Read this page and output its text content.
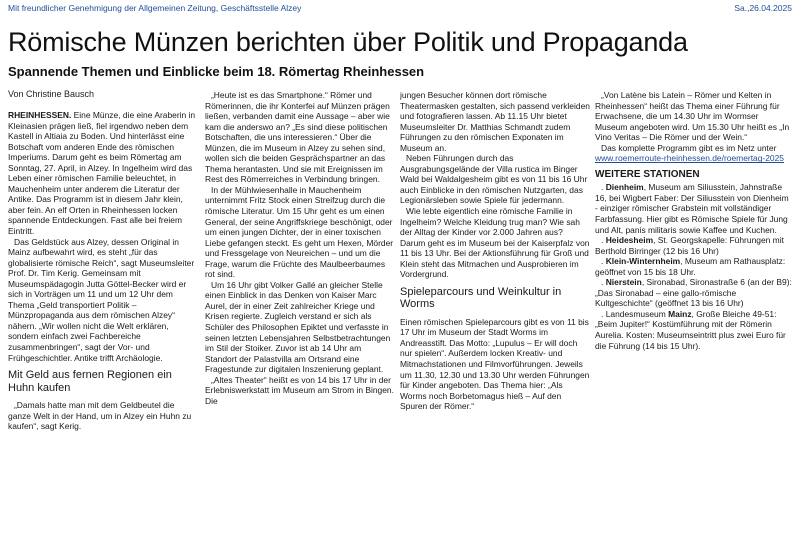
Mit freundlicher Genehmigung der Allgemeinen Zeitung, Geschäftsstelle Alzey	Sa.,26.04.2025
Römische Münzen berichten über Politik und Propaganda
Spannende Themen und Einblicke beim 18. Römertag Rheinhessen
Von Christine Bausch

RHEINHESSEN. Eine Münze, die eine Araberin in Kleinasien prägen ließ, fiel irgendwo neben dem Kastell in Altiaia zu Boden. Und hinterlässt eine Botschaft vom anderen Ende des römischen Imperiums. Darum geht es beim Römertag am Sonntag, 27. April, in Alzey. In Ingelheim wird das Leben einer römischen Familie beleuchtet, in Mauchenheim unter anderem die Literatur der Antike. Das Programm ist in diesem Jahr klein, aber fein. An elf Orten in Rheinhessen locken spannende Entdeckungen. Fast alle bei freiem Eintritt.

Das Geldstück aus Alzey, dessen Original in Mainz aufbewahrt wird, es steht „für das globalisierte römische Reich“, sagt Museumsleiter Prof. Dr. Tim Kerig. Gemeinsam mit Museumspädagogin Jutta Göttel-Becker wird er sich in Vorträgen um 11 und um 12 Uhr dem Thema „Geld transportiert Politik –Münzpropaganda aus dem römischen Alzey“ nähern. „Wir wollen nicht die Welt erklären, sondern einfach zwei Fachbereiche zusammenbringen“, sagt der Vor- und Frühgeschichtler. Antike trifft Archäologie.

Mit Geld aus fernen Regionen ein Huhn kaufen

„Damals hatte man mit dem Geldbeutel die ganze Welt in der Hand, um in Alzey ein Huhn zu kaufen“, sagt Kerig.

„Heute ist es das Smartphone.“ Römer und Römerinnen, die ihr Konterfei auf Münzen prägen ließen, verbanden damit eine Aussage – aber wie kam die anderswo an? „Es sind diese politischen Botschaften, die uns interessieren.“ Über die Münzen, die im Museum in Alzey zu sehen sind, wollen sich die beiden Gesprächspartner an das Thema herantasten. Und sie mit Ereignissen im Rest des Römerreiches in Verbindung bringen.

In der Mühlwiesenhalle in Mauchenheim unternimmt Fritz Stock einen Streifzug durch die römische Literatur. Um 15 Uhr geht es um einen General, der seine Angriffskriege beschönigt, oder um einen jungen Dichter, der in einer toxischen Liebe gefangen steckt. Es geht um Hexen, Mörder und Fressgelage von Neureichen – und um die Frage, warum die Früchte des Maulbeerbaumes rot sind.

Um 16 Uhr gibt Volker Gallé an gleicher Stelle einen Einblick in das Denken von Kaiser Marc Aurel, der in einer Zeit zahlreicher Kriege und Krisen regierte. Zugleich verstand er sich als Schüler des Philosophen Epiktet und verfasste in seinen letzten Lebensjahren Selbstbetrachtungen im Stil der Stoiker. Zuvor ist ab 14 Uhr am Standort der Palastvilla am Ortsrand eine Fragestunde zur digitalen Inszenierung geplant.

„Altes Theater“ heißt es von 14 bis 17 Uhr in der Erlebniswerkstatt im Museum am Strom in Bingen. Die

jungen Besucher können dort römische Theatermasken gestalten, sich passend verkleiden und fotografieren lassen. Ab 11.15 Uhr bietet Museumsleiter Dr. Matthias Schmandt zudem Führungen zu den römischen Exponaten im Museum an.

Neben Führungen durch das Ausgrabungsgelände der Villa rustica im Binger Wald bei Waldalgesheim gibt es von 11 bis 16 Uhr auch Einblicke in den römischen Nutzgarten, das Legionärsleben sowie Spiele für jedermann.

Wie lebte eigentlich eine römische Familie in Ingelheim? Welche Kleidung trug man? Wie sah der Alltag der Kinder vor 2.000 Jahren aus? Darum geht es im Museum bei der Kaiserpfalz von 11 bis 13 Uhr. Bei der Aktionsführung für Groß und Klein steht das Mitmachen und Ausprobieren im Vordergrund.

Spieleparcours und Weinkultur in Worms

Einen römischen Spieleparcours gibt es von 11 bis 17 Uhr im Museum der Stadt Worms im Andreasstift. Das Motto: „Lupulus – Er will doch nur spielen“. Außerdem locken Kreativ- und Mitmachstationen und Filmvorführungen. Jeweils um 11.30, 12.30 und 13.30 Uhr werden Führungen für Kinder angeboten. Das Thema hier: „Als Worms noch Borbetomagus hieß – Auf den Spuren der Römer.“

„Von Latène bis Latein – Römer und Kelten in Rheinhessen“ heißt das Thema einer Führung für Erwachsene, die um 14.30 Uhr im Wormser Museum angeboten wird. Um 15.30 Uhr heißt es „In Vino Veritas – Die Römer und der Wein.“

Das komplette Programm gibt es im Netz unter www.roemerroute-rheinhessen.de/roemertag-2025

WEITERE STATIONEN

. Dienheim, Museum am Siliusstein, Jahnstraße 16, bei Wigbert Faber: Der Siliusstein von Dienheim - einziger römischer Grabstein mit vollständiger Farbfassung. Hier gibt es Römische Spiele für Jung und Alt, panis militaris sowie Kaffee und Kuchen.

. Heidesheim, St. Georgskapelle: Führungen mit Berthold Birringer (12 bis 16 Uhr)

. Klein-Winternheim, Museum am Rathausplatz: geöffnet von 15 bis 18 Uhr.

. Nierstein, Sironabad, Sironastraße 6 (an der B9): „Das Sironabad – eine gallo-römische Kultgeschichte“ (geöffnet 13 bis 16 Uhr)

. Landesmuseum Mainz, Große Bleiche 49-51: „Beim Jupiter!“ Kostümführung mit der Römerin Aurelia. Kosten: Museumseintritt plus zwei Euro für die Führung (14 bis 15 Uhr).
